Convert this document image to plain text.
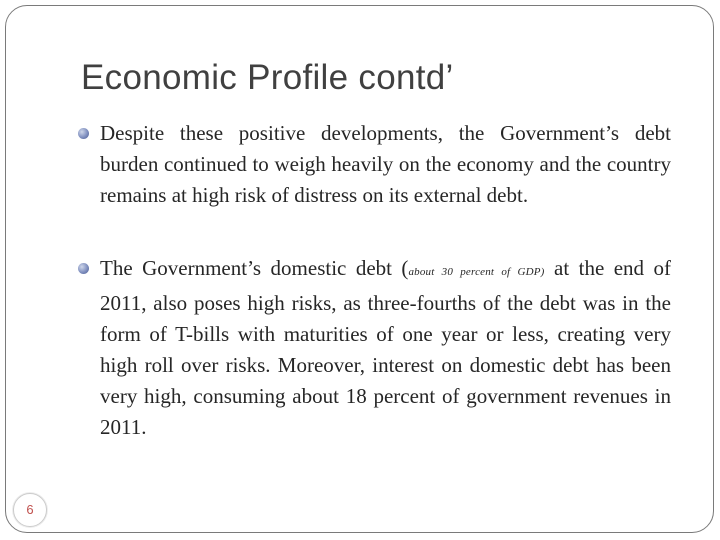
Economic Profile contd’
Despite these positive developments, the Government’s debt burden continued to weigh heavily on the economy and the country remains at high risk of distress on its external debt.
The Government’s domestic debt (about 30 percent of GDP) at the end of 2011, also poses high risks, as three-fourths of the debt was in the form of T-bills with maturities of one year or less, creating very high roll over risks. Moreover, interest on domestic debt has been very high, consuming about 18 percent of government revenues in 2011.
6
